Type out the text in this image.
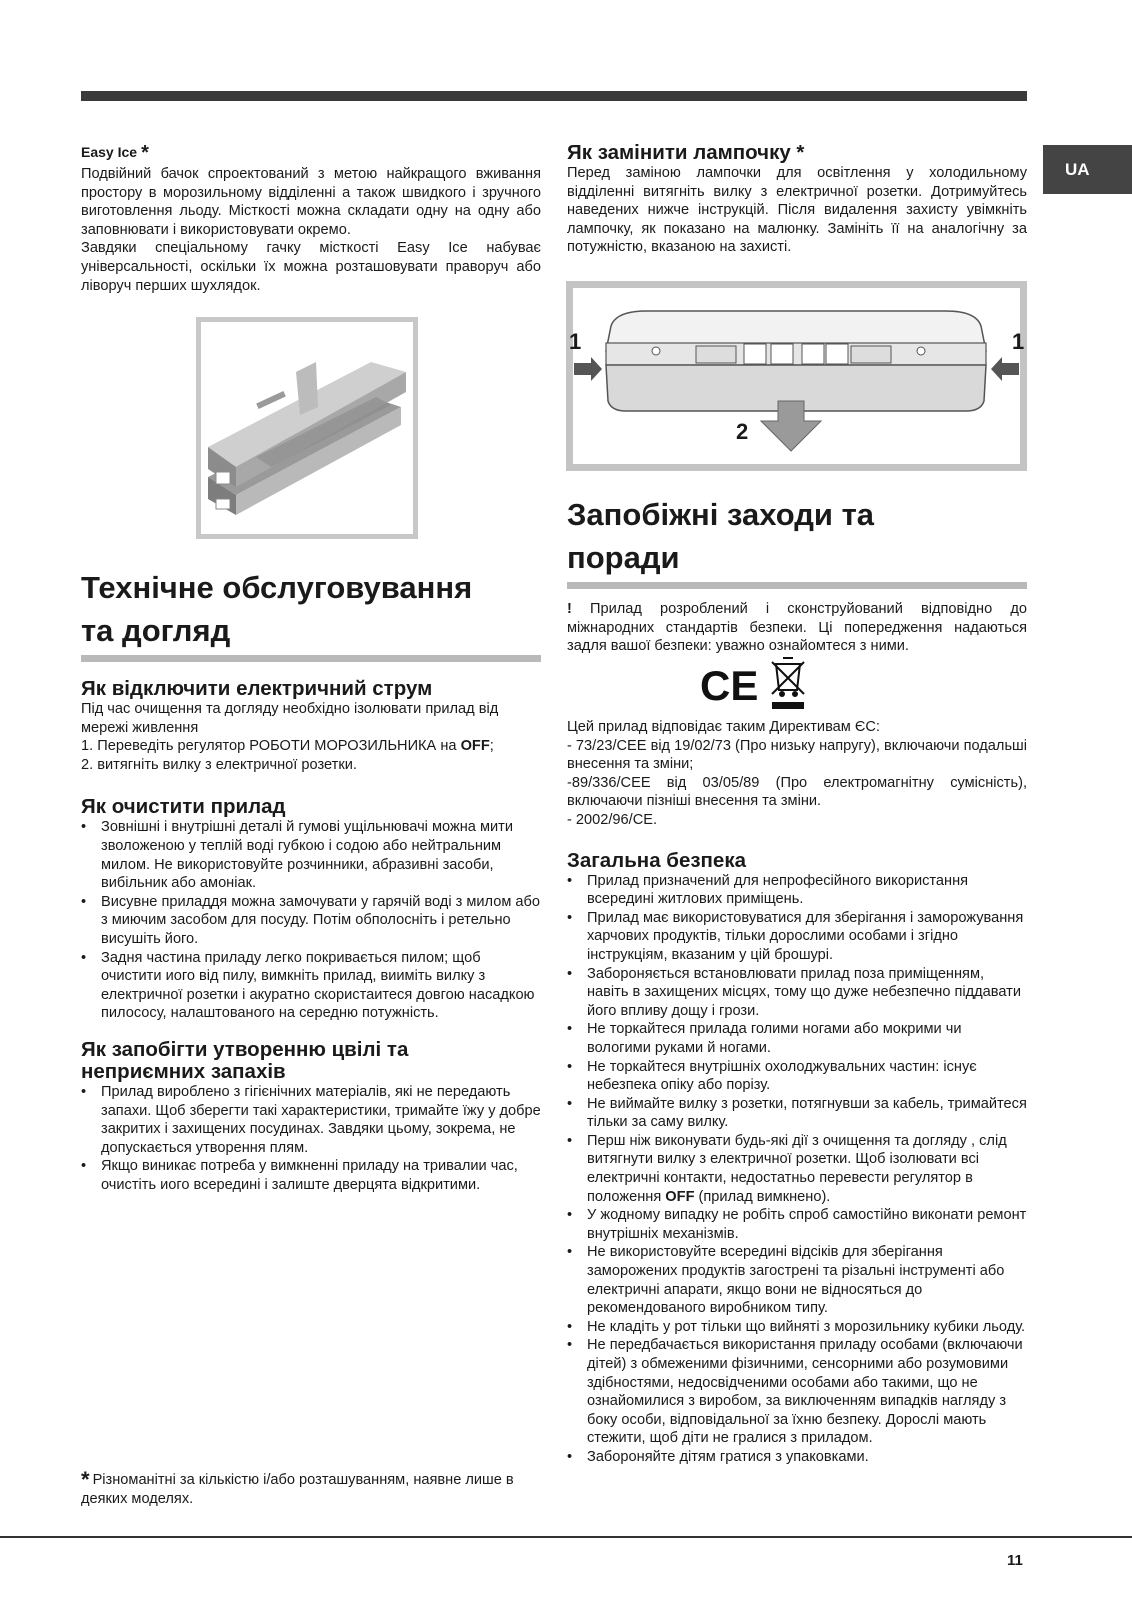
UA

Easy Ice *

Подвійний бачок спроектований з метою найкращого вживання простору в морозильному відділенні а також швидкого і зручного виготовлення льоду. Місткості можна складати одну на одну або заповнювати і використовувати окремо.

Завдяки спеціальному гачку місткості Easy Ice набуває універсальності, оскільки їх можна розташовувати праворуч або ліворуч перших шухлядок.

Технічне обслуговування
та догляд

Як відключити електричний струм

Під час очищення та догляду необхідно ізолювати прилад від мережі живлення

1. Переведіть регулятор РОБОТИ МОРОЗИЛЬНИКА на OFF;
2. витягніть вилку з електричної розетки.

Як очистити прилад

• Зовнішні і внутрішні деталі й гумові ущільнювачі можна мити зволоженою у теплій воді губкою і содою або нейтральним милом. Не використовуйте розчинники, абразивні засоби, вибільник або амоніак.
• Висувне приладдя можна замочувати у гарячій воді з милом або з миючим засобом для посуду. Потім обполосніть і ретельно висушіть його.
• Задня частина приладу легко покривається пилом; щоб очистити иого від пилу, вимкніть прилад, вииміть вилку з електричної розетки і акуратно скористаитеся довгою насадкою пилососу, налаштованого на середню потужність.

Як запобігти утворенню цвілі та
неприємних запахів

• Прилад вироблено з гігієнічних матеріалів, які не передають запахи. Щоб зберегти такі характеристики, тримайте їжу у добре закритих і захищених посудинах. Завдяки цьому, зокрема, не допускається утворення плям.
• Якщо виникає потреба у вимкненні приладу на тривалии час, очистіть иого всередині і залиште дверцята відкритими.
* Різноманітні за кількістю і/або розташуванням, наявне лише в деяких моделях.

Як замінити лампочку *

Перед заміною лампочки для освітлення у холодильному відділенні витягніть вилку з електричної розетки. Дотримуйтесь наведених нижче інструкцій. Після видалення захисту увімкніть лампочку, як показано на малюнку. Замініть її на аналогічну за потужністю, вказаною на захисті.

1	1
2
Запобіжні заходи та
поради

! Прилад розроблений і сконструйований відповідно до міжнародних стандартів безпеки. Ці попередження надаються задля вашої безпеки: уважно ознайомтеся з ними.

CE

Цей прилад відповідає таким Директивам ЄС:

- 73/23/CEE від 19/02/73 (Про низьку напругу), включаючи подальші внесення та зміни;

-89/336/CEE від 03/05/89 (Про електромагнітну сумісність), включаючи пізніші внесення та зміни.

- 2002/96/CE.

Загальна безпека

• Прилад призначений для непрофесійного використання всередині житлових приміщень.
• Прилад має використовуватися для зберігання і заморожування харчових продуктів, тільки дорослими особами і згідно інструкціям, вказаним у цій брошурі.
• Забороняється встановлювати прилад поза приміщенням, навіть в захищених місцях, тому що дуже небезпечно піддавати його впливу дощу і грози.
• Не торкайтеся приладa голими ногами або мокрими чи вологими руками й ногами.
• Не торкайтеся внутрішніх охолоджувальних частин: існує небезпека опіку або порізу.
• Не виймайте вилку з розетки, потягнувши за кабель, тримайтеся тільки за саму вилку.
• Перш ніж виконувати будь-які дії з очищення та догляду , слід витягнути вилку з електричної розетки. Щоб ізолювати всі електричні контакти, недостатньо перевести регулятор в положення OFF (прилад вимкнено).
• У жодному випадку не робіть спроб самостійно виконати ремонт внутрішніх механізмів.
• Не використовуйте всередині відсіків для зберігання заморожених продуктів загострені та різальні інструменті або електричні апарати, якщо вони не відносяться до рекомендованого виробником типу.
• Не кладіть у рот тільки що вийняті з морозильнику кубики льоду.
• Не передбачається використання приладу особами (включаючи дітей) з обмеженими фізичними, сенсорними або розумовими здібностями, недосвідченими особами або такими, що не ознайомилися з виробом, за виключенням випадків нагляду з боку особи, відповідальної за їхню безпеку. Дорослі мають стежити, щоб діти не гралися з приладом.
• Забороняйте дітям гратися з упаковками.
11
